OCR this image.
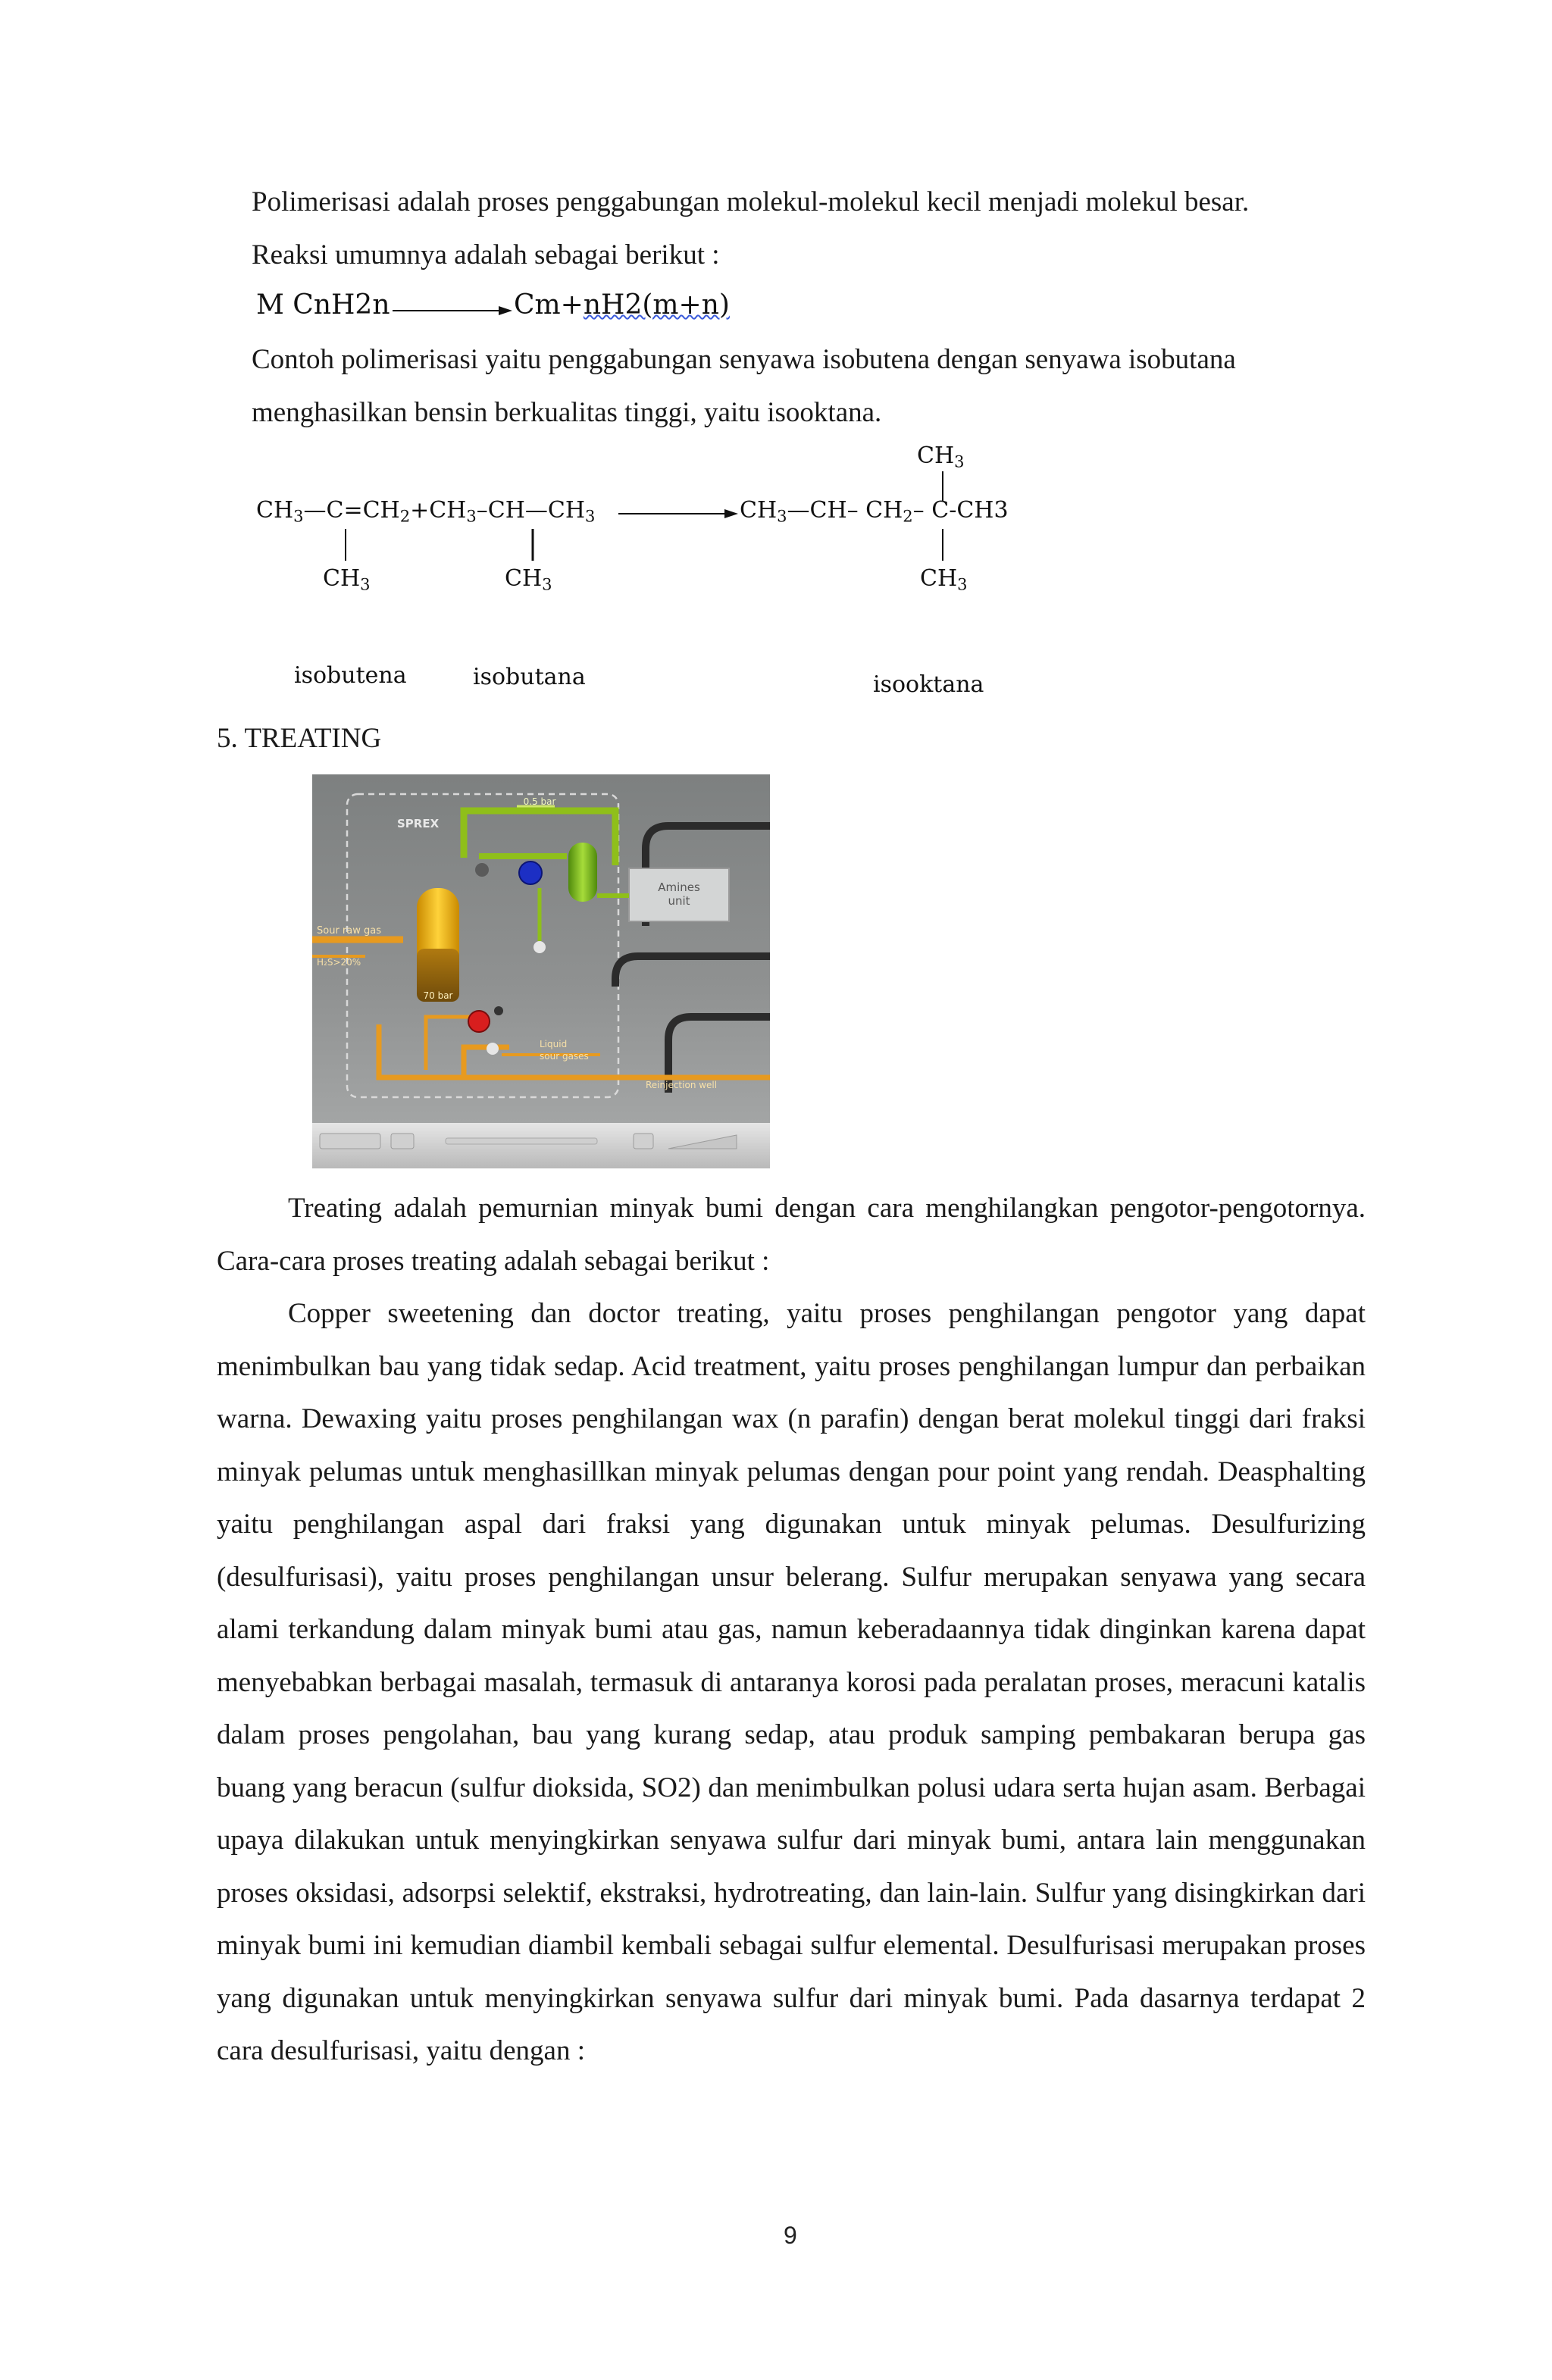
Polimerisasi adalah proses penggabungan molekul-molekul kecil menjadi molekul besar.

Reaksi umumnya adalah sebagai berikut :

M CnH2n	Cm+nH2(m+n)

Contoh polimerisasi yaitu penggabungan senyawa isobutena dengan senyawa isobutana

menghasilkan bensin berkualitas tinggi, yaitu isooktana.

$CH_3$
$CH_3—C=CH_2+CH_3-CH—CH_3$	$CH_3—CH-$ $CH_2-$ C-CH3
$CH_3$	$CH_3$	$CH_3$
isobutena	isobutana	isooktana
5. TREATING
SPREX
Amines
unit
0.5 bar
Sour raw gas
H₂S>20%
70 bar
Liquid
sour gases
Reinjection well

Treating adalah pemurnian minyak bumi dengan cara menghilangkan pengotor-pengotornya. Cara-cara proses treating adalah sebagai berikut :

Copper sweetening dan doctor treating, yaitu proses penghilangan pengotor yang dapat menimbulkan bau yang tidak sedap. Acid treatment, yaitu proses penghilangan lumpur dan perbaikan warna. Dewaxing yaitu proses penghilangan wax (n parafin) dengan berat molekul tinggi dari fraksi minyak pelumas untuk menghasillkan minyak pelumas dengan pour point yang rendah. Deasphalting yaitu penghilangan aspal dari fraksi yang digunakan untuk minyak pelumas. Desulfurizing (desulfurisasi), yaitu proses penghilangan unsur belerang. Sulfur merupakan senyawa yang secara alami terkandung dalam minyak bumi atau gas, namun keberadaannya tidak dinginkan karena dapat menyebabkan berbagai masalah, termasuk di antaranya korosi pada peralatan proses, meracuni katalis dalam proses pengolahan, bau yang kurang sedap, atau produk samping pembakaran berupa gas buang yang beracun (sulfur dioksida, SO2) dan menimbulkan polusi udara serta hujan asam. Berbagai upaya dilakukan untuk menyingkirkan senyawa sulfur dari minyak bumi, antara lain menggunakan proses oksidasi, adsorpsi selektif, ekstraksi, hydrotreating, dan lain-lain. Sulfur yang disingkirkan dari minyak bumi ini kemudian diambil kembali sebagai sulfur elemental. Desulfurisasi merupakan proses yang digunakan untuk menyingkirkan senyawa sulfur dari minyak bumi. Pada dasarnya terdapat 2 cara desulfurisasi, yaitu dengan :

9
